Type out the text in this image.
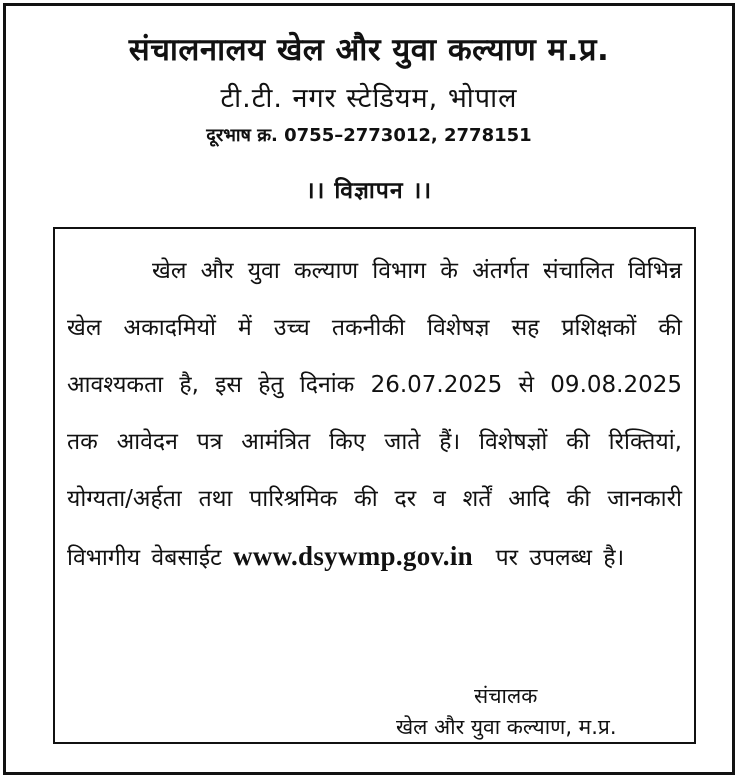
संचालनालय खेल और युवा कल्याण म.प्र.
टी.टी. नगर स्टेडियम, भोपाल
दूरभाष क्र. 0755–2773012, 2778151
।। विज्ञापन ।।
खेल और युवा कल्याण विभाग के अंतर्गत संचालित विभिन्न खेल अकादमियों में उच्च तकनीकी विशेषज्ञ सह प्रशिक्षकों की आवश्यकता है, इस हेतु दिनांक 26.07.2025 से 09.08.2025 तक आवेदन पत्र आमंत्रित किए जाते हैं। विशेषज्ञों की रिक्तियां, योग्यता/अर्हता तथा पारिश्रमिक की दर व शर्तें आदि की जानकारी विभागीय वेबसाईट www.dsywmp.gov.in पर उपलब्ध है।
संचालक
खेल और युवा कल्याण, म.प्र.
